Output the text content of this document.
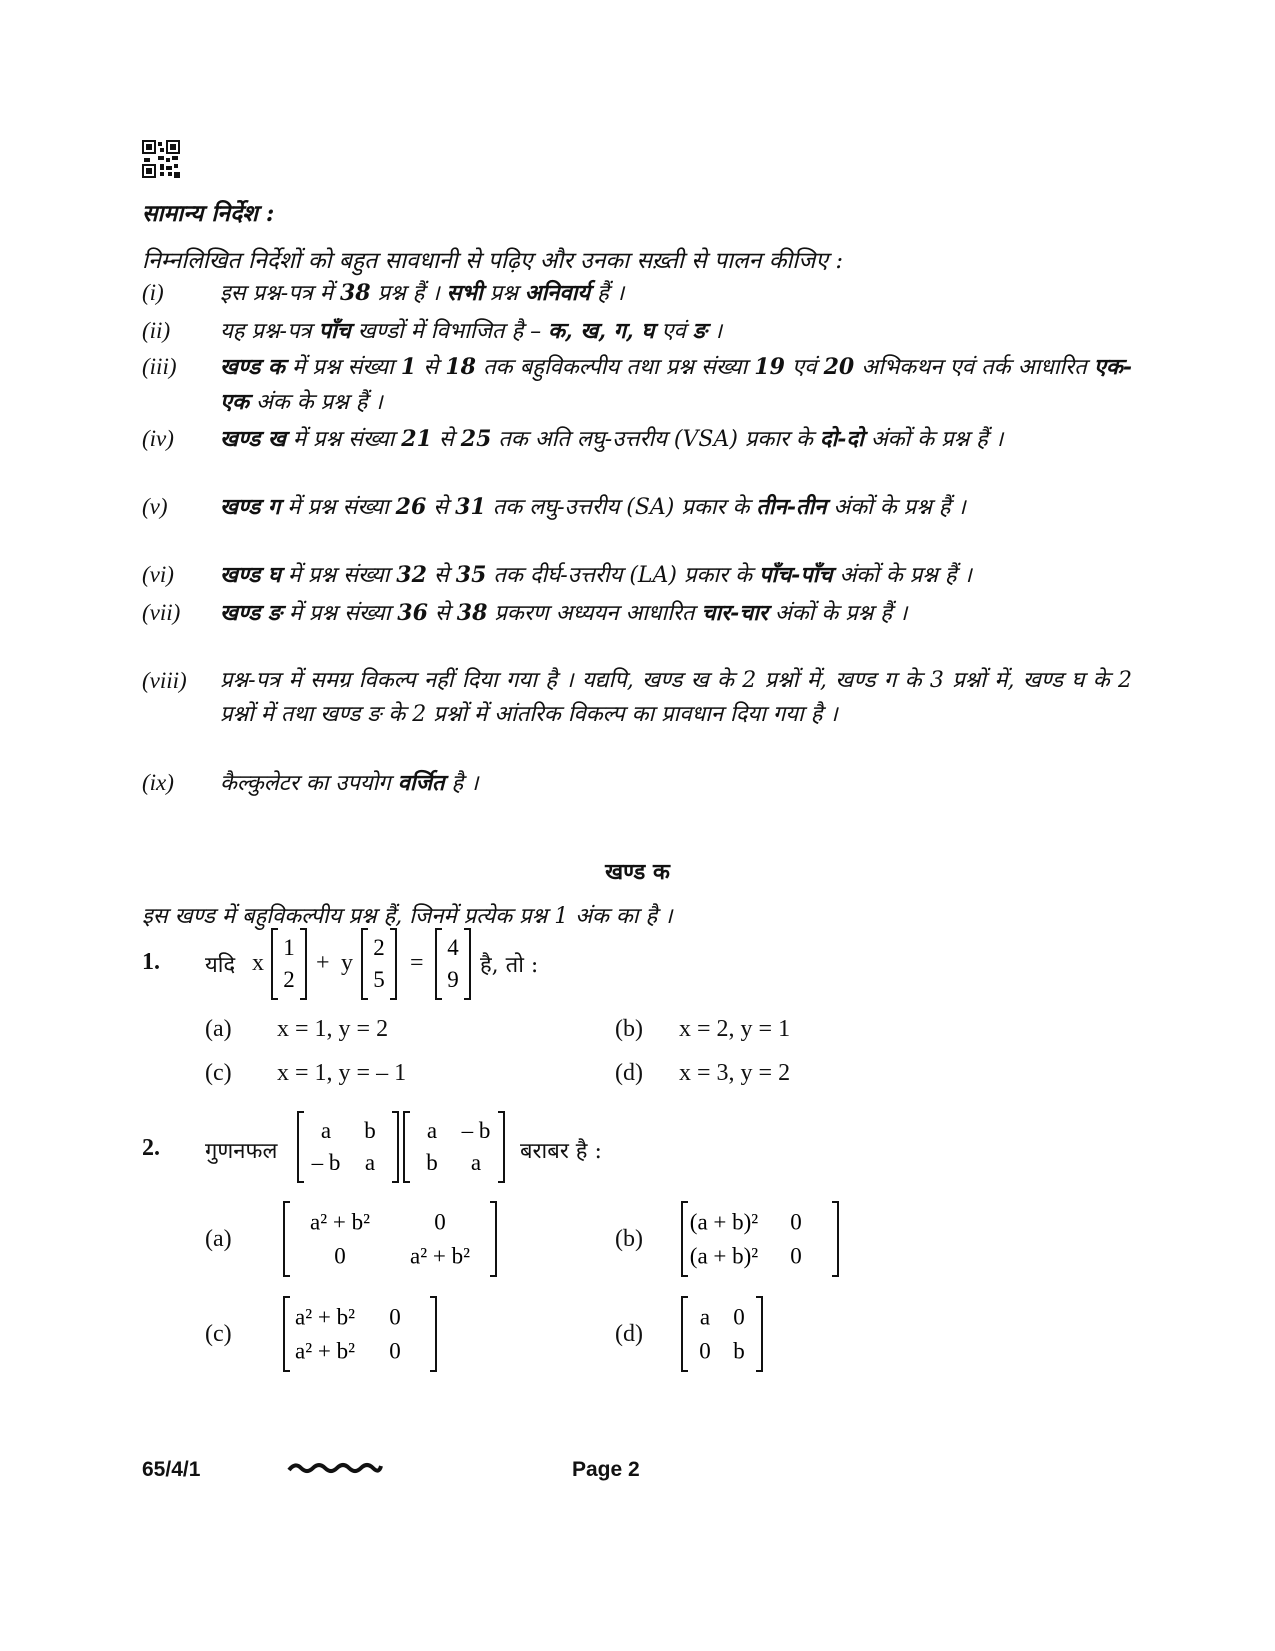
सामान्य निर्देश :
निम्नलिखित निर्देशों को बहुत सावधानी से पढ़िए और उनका सख़्ती से पालन कीजिए :
(i)	इस प्रश्न-पत्र में 38 प्रश्न हैं । सभी प्रश्न अनिवार्य हैं ।
(ii)	यह प्रश्न-पत्र पाँच खण्डों में विभाजित है – क, ख, ग, घ एवं ङ ।
(iii)	खण्ड क में प्रश्न संख्या 1 से 18 तक बहुविकल्पीय तथा प्रश्न संख्या 19 एवं 20 अभिकथन एवं तर्क आधारित एक-एक अंक के प्रश्न हैं ।
(iv)	खण्ड ख में प्रश्न संख्या 21 से 25 तक अति लघु-उत्तरीय (VSA) प्रकार के दो-दो अंकों के प्रश्न हैं ।
(v)	खण्ड ग में प्रश्न संख्या 26 से 31 तक लघु-उत्तरीय (SA) प्रकार के तीन-तीन अंकों के प्रश्न हैं ।
(vi)	खण्ड घ में प्रश्न संख्या 32 से 35 तक दीर्घ-उत्तरीय (LA) प्रकार के पाँच-पाँच अंकों के प्रश्न हैं ।
(vii)	खण्ड ङ में प्रश्न संख्या 36 से 38 प्रकरण अध्ययन आधारित चार-चार अंकों के प्रश्न हैं ।
(viii)	प्रश्न-पत्र में समग्र विकल्प नहीं दिया गया है । यद्यपि, खण्ड ख के 2 प्रश्नों में, खण्ड ग के 3 प्रश्नों में, खण्ड घ के 2 प्रश्नों में तथा खण्ड ङ के 2 प्रश्नों में आंतरिक विकल्प का प्रावधान दिया गया है ।
(ix)	कैल्कुलेटर का उपयोग वर्जित है ।
खण्ड क
इस खण्ड में बहुविकल्पीय प्रश्न हैं, जिनमें प्रत्येक प्रश्न 1 अंक का है ।
1. यदि x
1
2
+ y
2
5
=
4
9
है, तो :
(a) x = 1, y = 2	(b) x = 2, y = 1
(c) x = 1, y = – 1	(d) x = 3, y = 2
2. गुणनफल
a b
– b a
a – b
b a बराबर है :
(a)
a² + b²	0
0	a² + b²
(b)
(a + b)² 0
(a + b)² 0
(c)
a² + b² 0
a² + b² 0
(d)
a 0
0 b
65/4/1	Page 2
